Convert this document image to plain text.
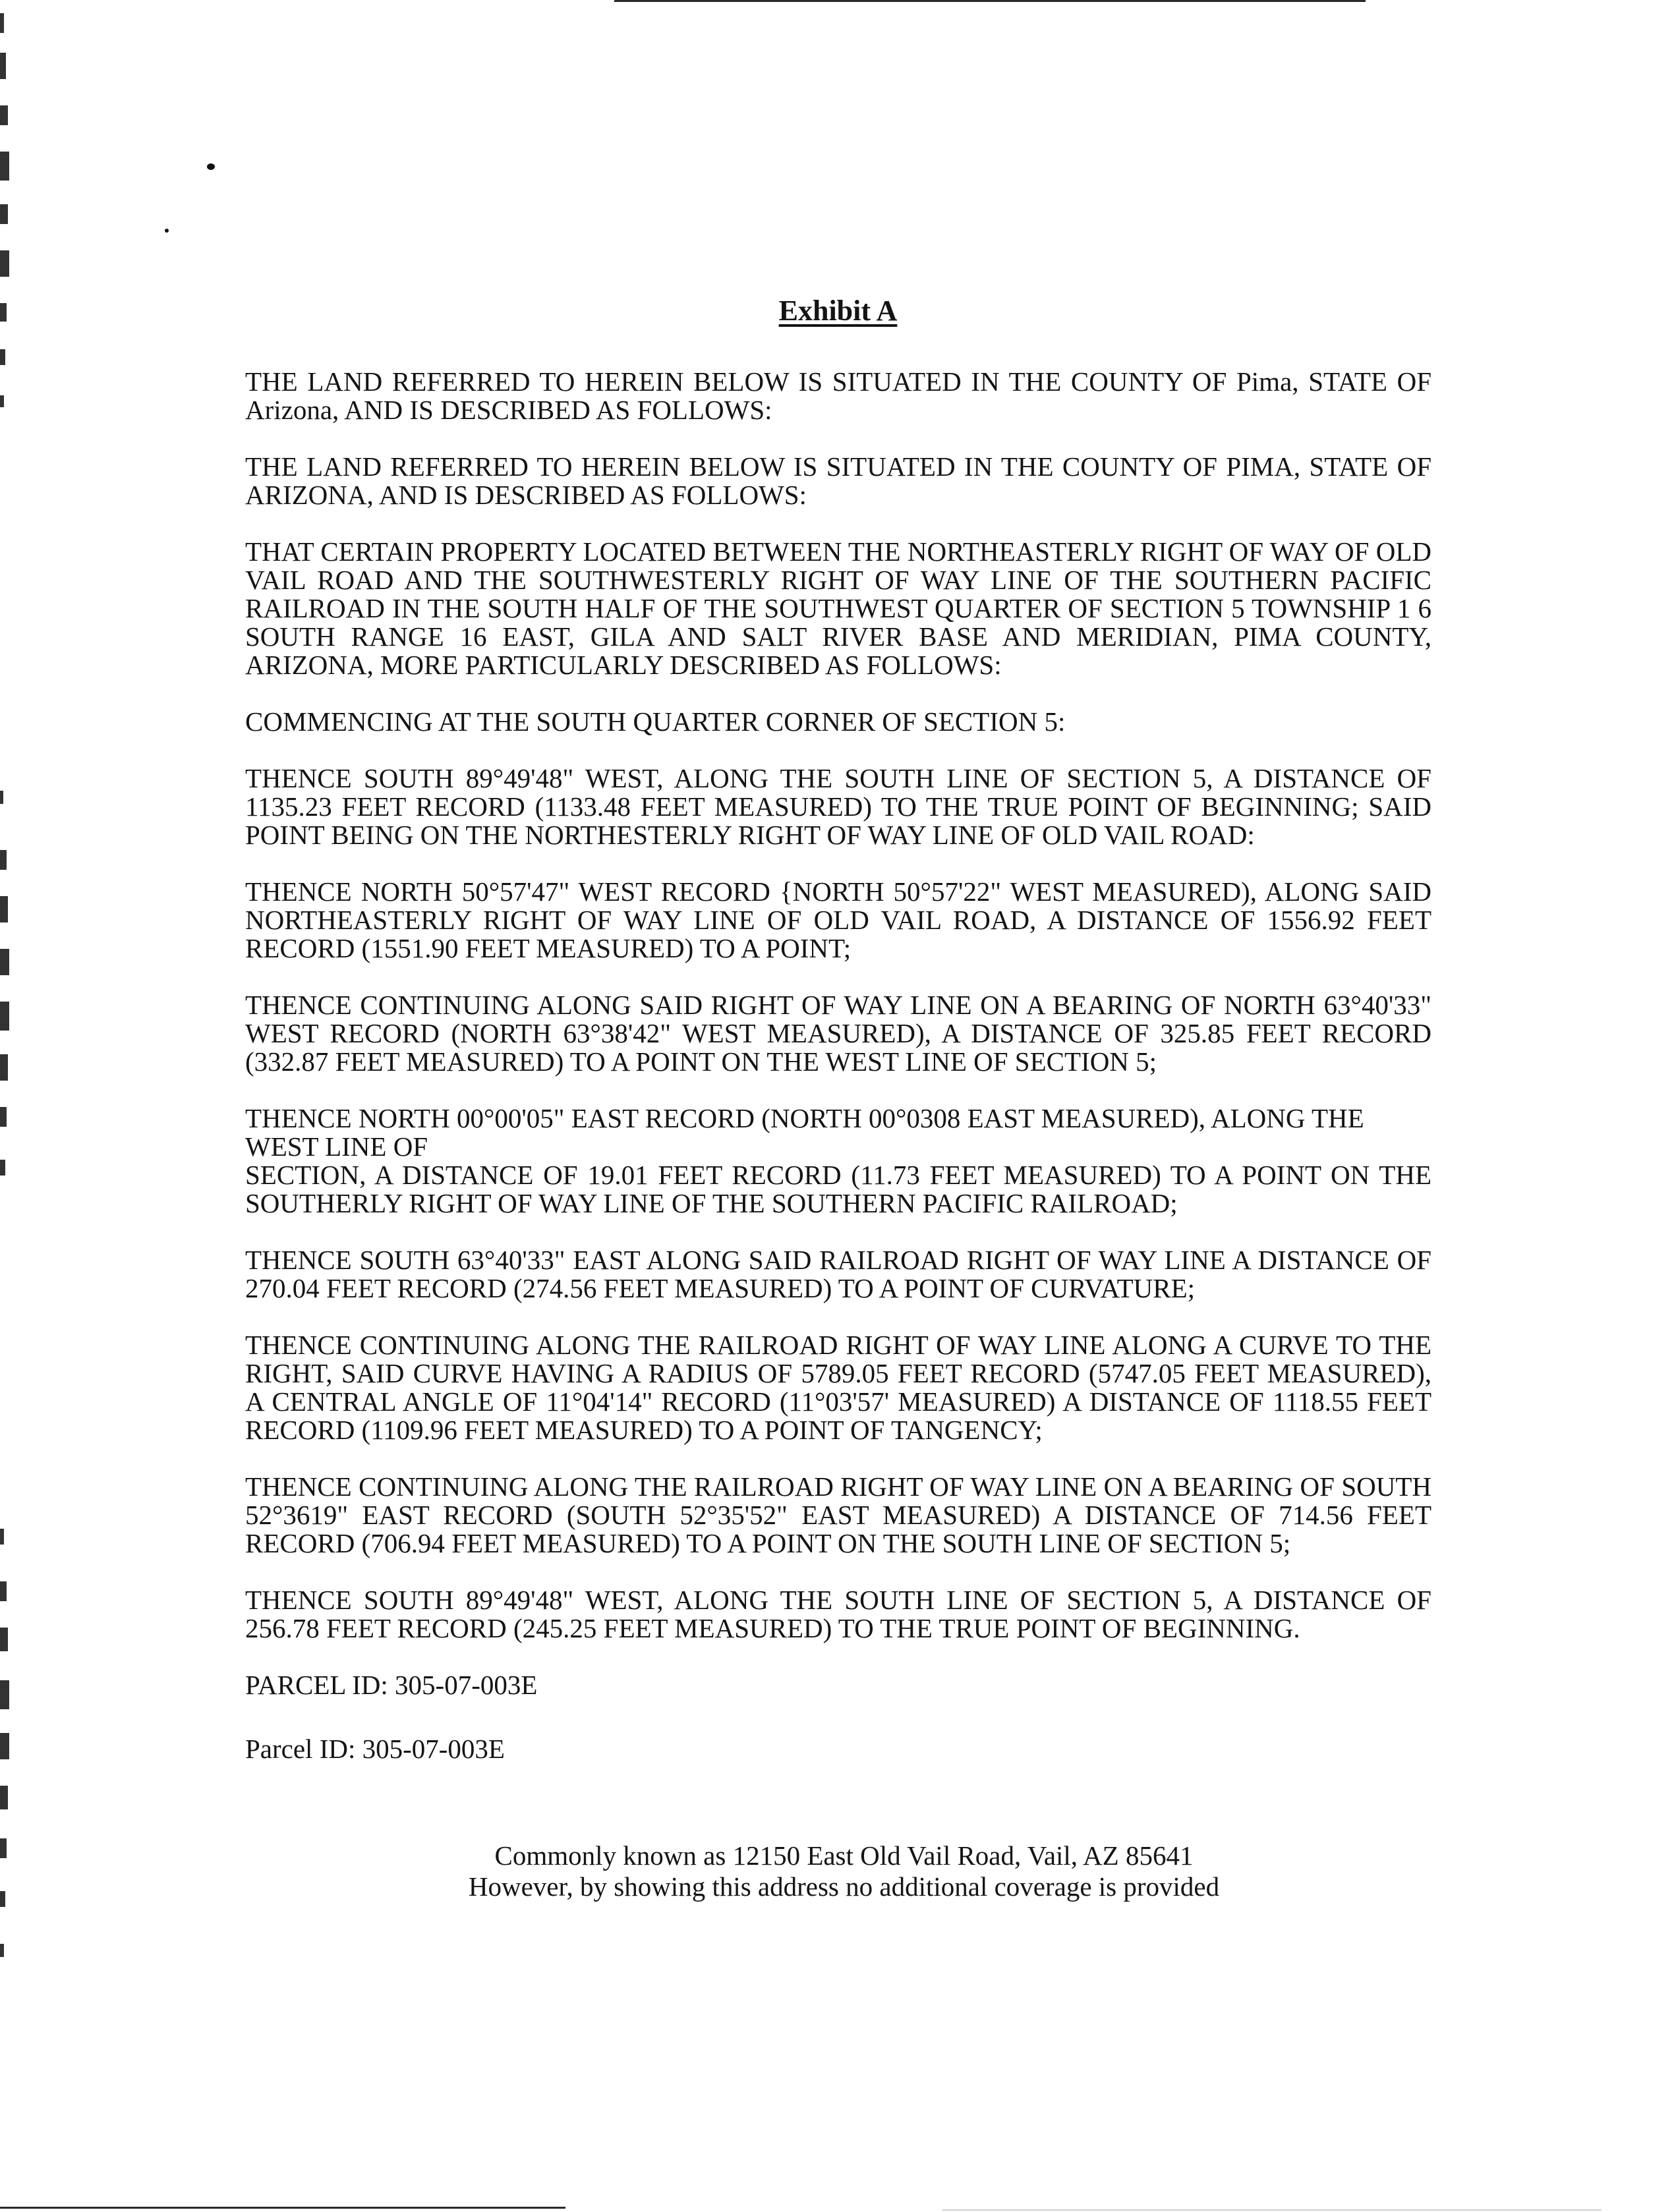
Exhibit A

THE LAND REFERRED TO HEREIN BELOW IS SITUATED IN THE COUNTY OF Pima, STATE OF Arizona, AND IS DESCRIBED AS FOLLOWS:

THE LAND REFERRED TO HEREIN BELOW IS SITUATED IN THE COUNTY OF PIMA, STATE OF ARIZONA, AND IS DESCRIBED AS FOLLOWS:

THAT CERTAIN PROPERTY LOCATED BETWEEN THE NORTHEASTERLY RIGHT OF WAY OF OLD VAIL ROAD AND THE SOUTHWESTERLY RIGHT OF WAY LINE OF THE SOUTHERN PACIFIC RAILROAD IN THE SOUTH HALF OF THE SOUTHWEST QUARTER OF SECTION 5 TOWNSHIP 1 6 SOUTH RANGE 16 EAST, GILA AND SALT RIVER BASE AND MERIDIAN, PIMA COUNTY, ARIZONA, MORE PARTICULARLY DESCRIBED AS FOLLOWS:

COMMENCING AT THE SOUTH QUARTER CORNER OF SECTION 5:

THENCE SOUTH 89°49'48" WEST, ALONG THE SOUTH LINE OF SECTION 5, A DISTANCE OF 1135.23 FEET RECORD (1133.48 FEET MEASURED) TO THE TRUE POINT OF BEGINNING; SAID POINT BEING ON THE NORTHESTERLY RIGHT OF WAY LINE OF OLD VAIL ROAD:

THENCE NORTH 50°57'47" WEST RECORD {NORTH 50°57'22" WEST MEASURED), ALONG SAID NORTHEASTERLY RIGHT OF WAY LINE OF OLD VAIL ROAD, A DISTANCE OF 1556.92 FEET RECORD (1551.90 FEET MEASURED) TO A POINT;

THENCE CONTINUING ALONG SAID RIGHT OF WAY LINE ON A BEARING OF NORTH 63°40'33" WEST RECORD (NORTH 63°38'42" WEST MEASURED), A DISTANCE OF 325.85 FEET RECORD (332.87 FEET MEASURED) TO A POINT ON THE WEST LINE OF SECTION 5;

THENCE NORTH 00°00'05" EAST RECORD (NORTH 00°0308 EAST MEASURED), ALONG THE WEST LINE OF

SECTION, A DISTANCE OF 19.01 FEET RECORD (11.73 FEET MEASURED) TO A POINT ON THE SOUTHERLY RIGHT OF WAY LINE OF THE SOUTHERN PACIFIC RAILROAD;

THENCE SOUTH 63°40'33" EAST ALONG SAID RAILROAD RIGHT OF WAY LINE A DISTANCE OF 270.04 FEET RECORD (274.56 FEET MEASURED) TO A POINT OF CURVATURE;

THENCE CONTINUING ALONG THE RAILROAD RIGHT OF WAY LINE ALONG A CURVE TO THE RIGHT, SAID CURVE HAVING A RADIUS OF 5789.05 FEET RECORD (5747.05 FEET MEASURED), A CENTRAL ANGLE OF 11°04'14" RECORD (11°03'57' MEASURED) A DISTANCE OF 1118.55 FEET RECORD (1109.96 FEET MEASURED) TO A POINT OF TANGENCY;

THENCE CONTINUING ALONG THE RAILROAD RIGHT OF WAY LINE ON A BEARING OF SOUTH 52°3619" EAST RECORD (SOUTH 52°35'52" EAST MEASURED) A DISTANCE OF 714.56 FEET RECORD (706.94 FEET MEASURED) TO A POINT ON THE SOUTH LINE OF SECTION 5;

THENCE SOUTH 89°49'48" WEST, ALONG THE SOUTH LINE OF SECTION 5, A DISTANCE OF 256.78 FEET RECORD (245.25 FEET MEASURED) TO THE TRUE POINT OF BEGINNING.

PARCEL ID: 305-07-003E

Parcel ID: 305-07-003E

Commonly known as 12150 East Old Vail Road, Vail, AZ 85641
However, by showing this address no additional coverage is provided
